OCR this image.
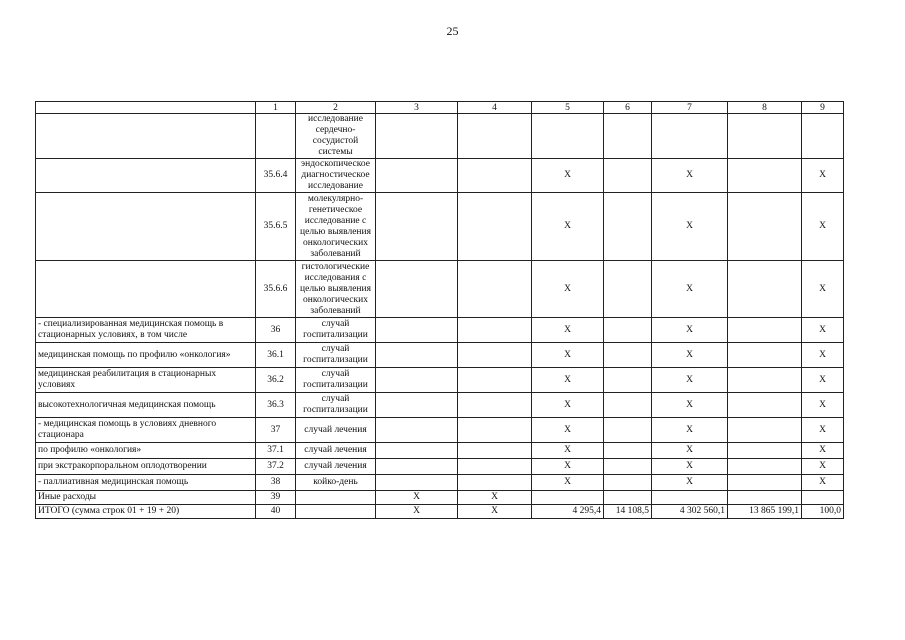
25
	1	2	3	4	5	6	7	8	9
		исследование сердечно-сосудистой системы							
	35.6.4	эндоскопическое диагностическое исследование			X		X		X
	35.6.5	молекулярно-генетическое исследование с целью выявления онкологических заболеваний			X		X		X
	35.6.6	гистологические исследования с целью выявления онкологических заболеваний			X		X		X
- специализированная медицинская помощь в стационарных условиях, в том числе	36	случай госпитализации			X		X		X
медицинская помощь по профилю «онкология»	36.1	случай госпитализации			X		X		X
медицинская реабилитация в стационарных условиях	36.2	случай госпитализации			X		X		X
высокотехнологичная медицинская помощь	36.3	случай госпитализации			X		X		X
- медицинская помощь в условиях дневного стационара	37	случай лечения			X		X		X
по профилю «онкология»	37.1	случай лечения			X		X		X
при экстракорпоральном оплодотворении	37.2	случай лечения			X		X		X
- паллиативная медицинская помощь	38	койко-день			X		X		X
Иные расходы	39		X	X					
ИТОГО (сумма строк 01 + 19 + 20)	40		X	X	4 295,4	14 108,5	4 302 560,1	13 865 199,1	100,0
